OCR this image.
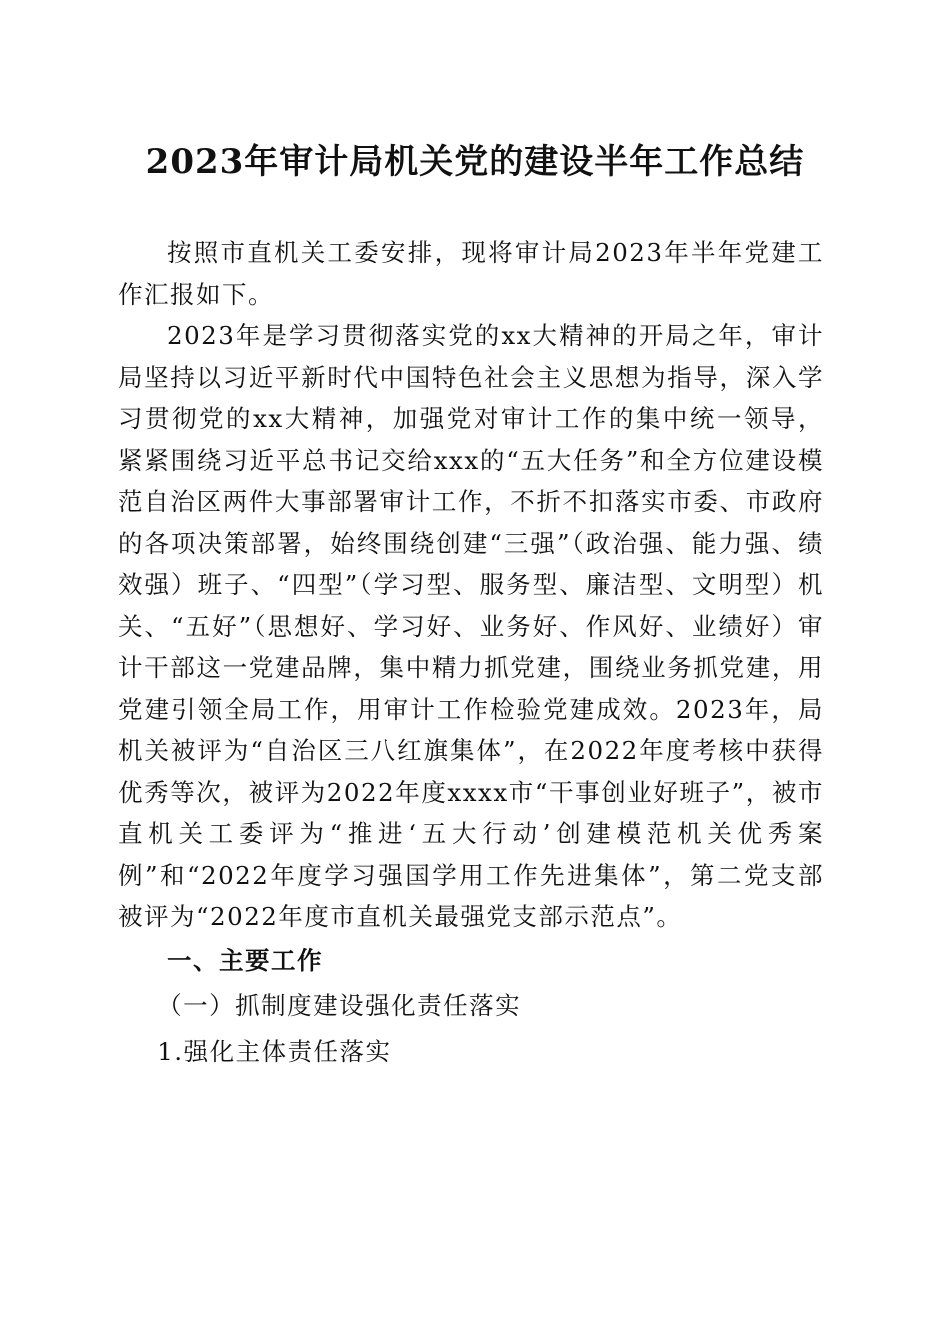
2023年审计局机关党的建设半年工作总结

按照市直机关工委安排，现将审计局2023年半年党建工作汇报如下。

2023年是学习贯彻落实党的xx大精神的开局之年，审计局坚持以习近平新时代中国特色社会主义思想为指导，深入学习贯彻党的xx大精神，加强党对审计工作的集中统一领导，紧紧围绕习近平总书记交给xxx的“五大任务”和全方位建设模范自治区两件大事部署审计工作，不折不扣落实市委、市政府的各项决策部署，始终围绕创建“三强”（政治强、能力强、绩效强）班子、“四型”（学习型、服务型、廉洁型、文明型）机关、“五好”（思想好、学习好、业务好、作风好、业绩好）审计干部这一党建品牌，集中精力抓党建，围绕业务抓党建，用党建引领全局工作，用审计工作检验党建成效。2023年，局机关被评为“自治区三八红旗集体”，在2022年度考核中获得优秀等次，被评为2022年度xxxx市“干事创业好班子”，被市直机关工委评为“推进‘五大行动’创建模范机关优秀案例”和“2022年度学习强国学用工作先进集体”，第二党支部被评为“2022年度市直机关最强党支部示范点”。

一、主要工作

（一）抓制度建设强化责任落实

1.强化主体责任落实
